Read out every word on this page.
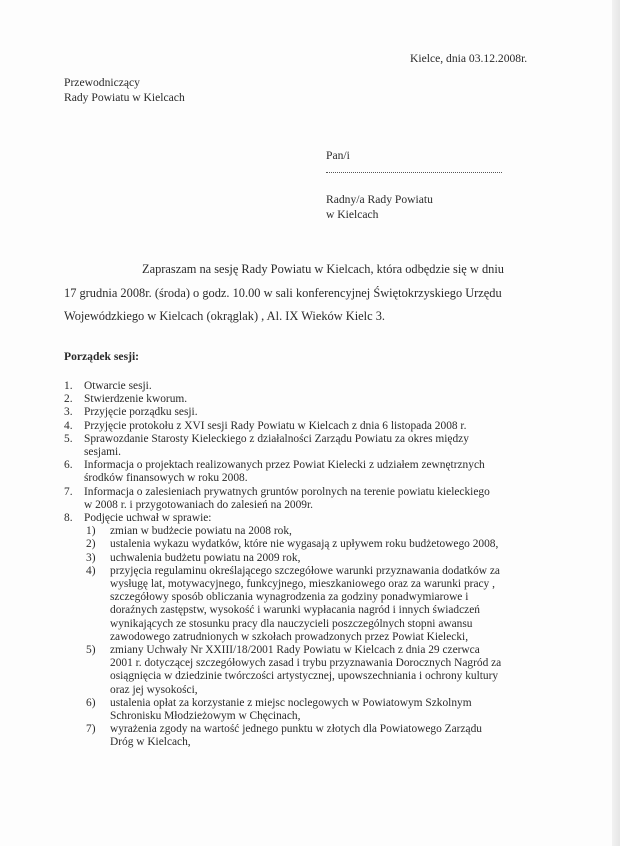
Kielce, dnia 03.12.2008r.
Przewodniczący
Rady Powiatu w Kielcach
Pan/i
Radny/a Rady Powiatu
w Kielcach
Zapraszam na sesję Rady Powiatu w Kielcach, która odbędzie się w dniu
17 grudnia 2008r. (środa) o godz. 10.00 w sali konferencyjnej Świętokrzyskiego Urzędu
Wojewódzkiego w Kielcach (okrąglak) , Al. IX Wieków Kielc 3.
Porządek sesji:
1. Otwarcie sesji.
2. Stwierdzenie kworum.
3. Przyjęcie porządku sesji.
4. Przyjęcie protokołu z XVI sesji Rady Powiatu w Kielcach z dnia 6 listopada 2008 r.
5. Sprawozdanie Starosty Kieleckiego z działalności Zarządu Powiatu za okres między
sesjami.
6. Informacja o projektach realizowanych przez Powiat Kielecki z udziałem zewnętrznych
środków finansowych w roku 2008.
7. Informacja o zalesieniach prywatnych gruntów porolnych na terenie powiatu kieleckiego
w 2008 r. i przygotowaniach do zalesień na 2009r.
8. Podjęcie uchwał w sprawie:
1) zmian w budżecie powiatu na 2008 rok,
2) ustalenia wykazu wydatków, które nie wygasają z upływem roku budżetowego 2008,
3) uchwalenia budżetu powiatu na 2009 rok,
4) przyjęcia regulaminu określającego szczegółowe warunki przyznawania dodatków za
wysługę lat, motywacyjnego, funkcyjnego, mieszkaniowego oraz za warunki pracy ,
szczegółowy sposób obliczania wynagrodzenia za godziny ponadwymiarowe i
doraźnych zastępstw, wysokość i warunki wypłacania nagród i innych świadczeń
wynikających ze stosunku pracy dla nauczycieli poszczególnych stopni awansu
zawodowego zatrudnionych w szkołach prowadzonych przez Powiat Kielecki,
5) zmiany Uchwały Nr XXIII/18/2001 Rady Powiatu w Kielcach z dnia 29 czerwca
2001 r. dotyczącej szczegółowych zasad i trybu przyznawania Dorocznych Nagród za
osiągnięcia w dziedzinie twórczości artystycznej, upowszechniania i ochrony kultury
oraz jej wysokości,
6) ustalenia opłat za korzystanie z miejsc noclegowych w Powiatowym Szkolnym
Schronisku Młodzieżowym w Chęcinach,
7) wyrażenia zgody na wartość jednego punktu w złotych dla Powiatowego Zarządu
Dróg w Kielcach,
